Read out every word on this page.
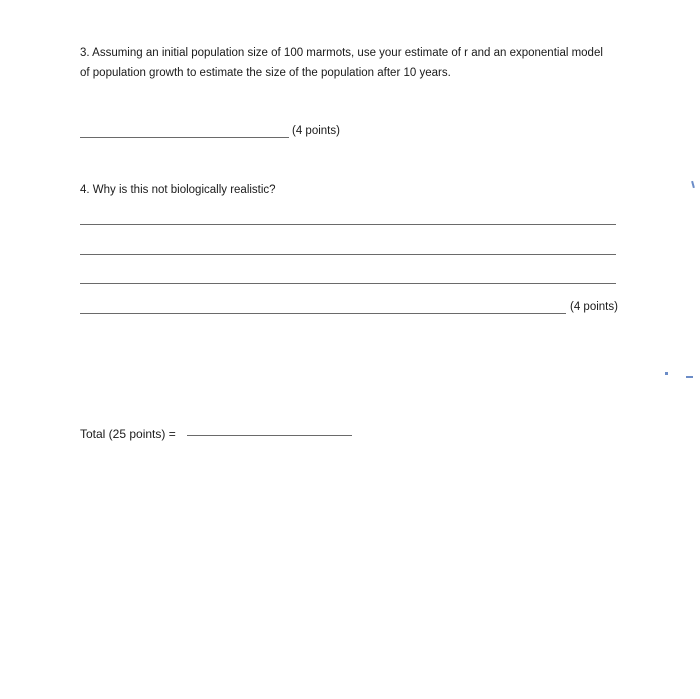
3. Assuming an initial population size of 100 marmots, use your estimate of r and an exponential model
of population growth to estimate the size of the population after 10 years.
(4 points)
4. Why is this not biologically realistic?
(4 points)
Total (25 points) =
